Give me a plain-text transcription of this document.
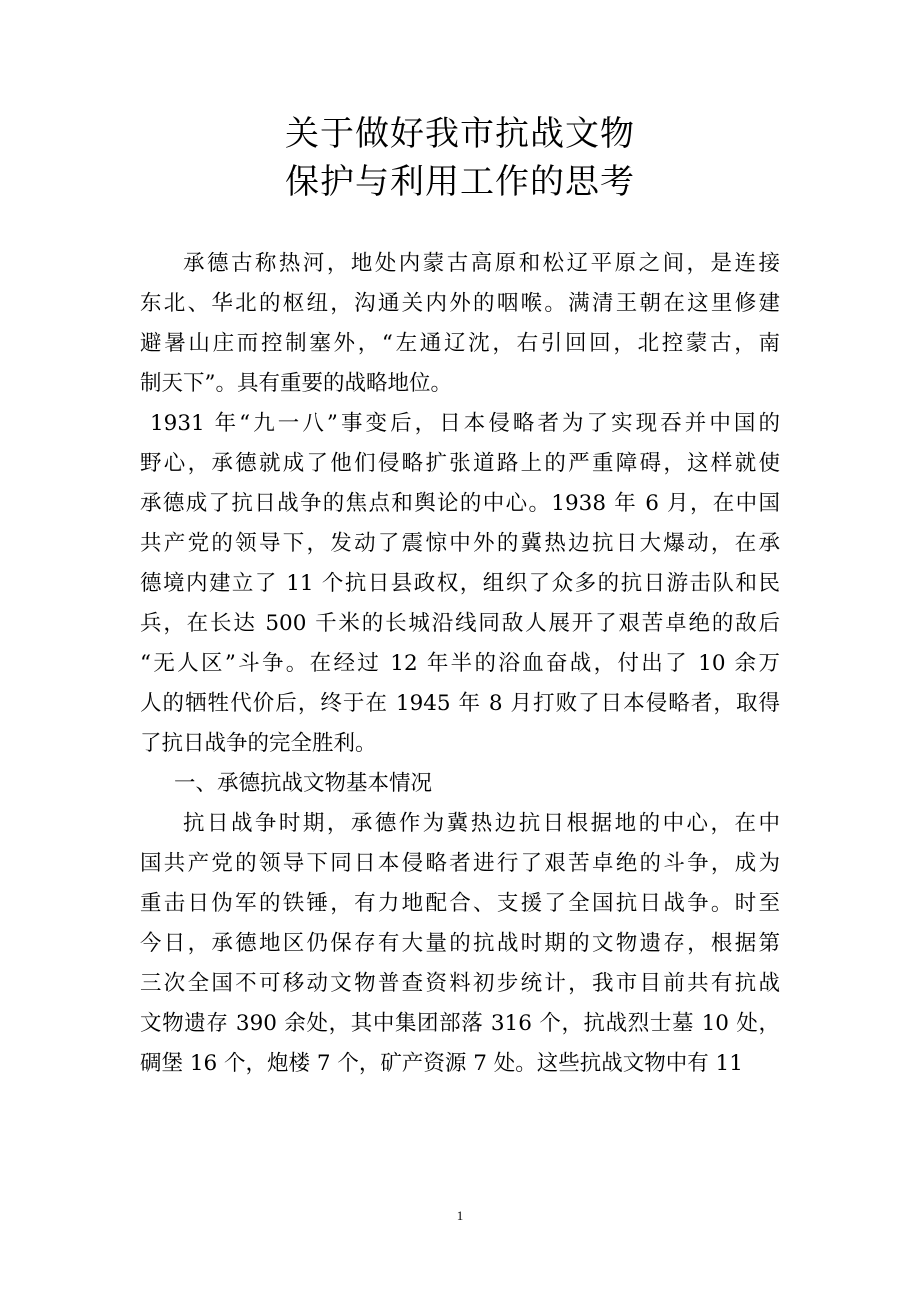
关于做好我市抗战文物
保护与利用工作的思考
承德古称热河，地处内蒙古高原和松辽平原之间，是连接
东北、华北的枢纽，沟通关内外的咽喉。满清王朝在这里修建
避暑山庄而控制塞外，“左通辽沈，右引回回，北控蒙古，南
制天下”。具有重要的战略地位。
1931 年“九一八”事变后，日本侵略者为了实现吞并中国的
野心，承德就成了他们侵略扩张道路上的严重障碍，这样就使
承德成了抗日战争的焦点和舆论的中心。1938 年 6 月，在中国
共产党的领导下，发动了震惊中外的冀热边抗日大爆动，在承
德境内建立了 11 个抗日县政权，组织了众多的抗日游击队和民
兵，在长达 500 千米的长城沿线同敌人展开了艰苦卓绝的敌后
“无人区”斗争。在经过 12 年半的浴血奋战，付出了 10 余万
人的牺牲代价后，终于在 1945 年 8 月打败了日本侵略者，取得
了抗日战争的完全胜利。
一、承德抗战文物基本情况
抗日战争时期，承德作为冀热边抗日根据地的中心，在中
国共产党的领导下同日本侵略者进行了艰苦卓绝的斗争，成为
重击日伪军的铁锤，有力地配合、支援了全国抗日战争。时至
今日，承德地区仍保存有大量的抗战时期的文物遗存，根据第
三次全国不可移动文物普查资料初步统计，我市目前共有抗战
文物遗存 390 余处，其中集团部落 316 个，抗战烈士墓 10 处，
碉堡 16 个，炮楼 7 个，矿产资源 7 处。这些抗战文物中有 11
1
